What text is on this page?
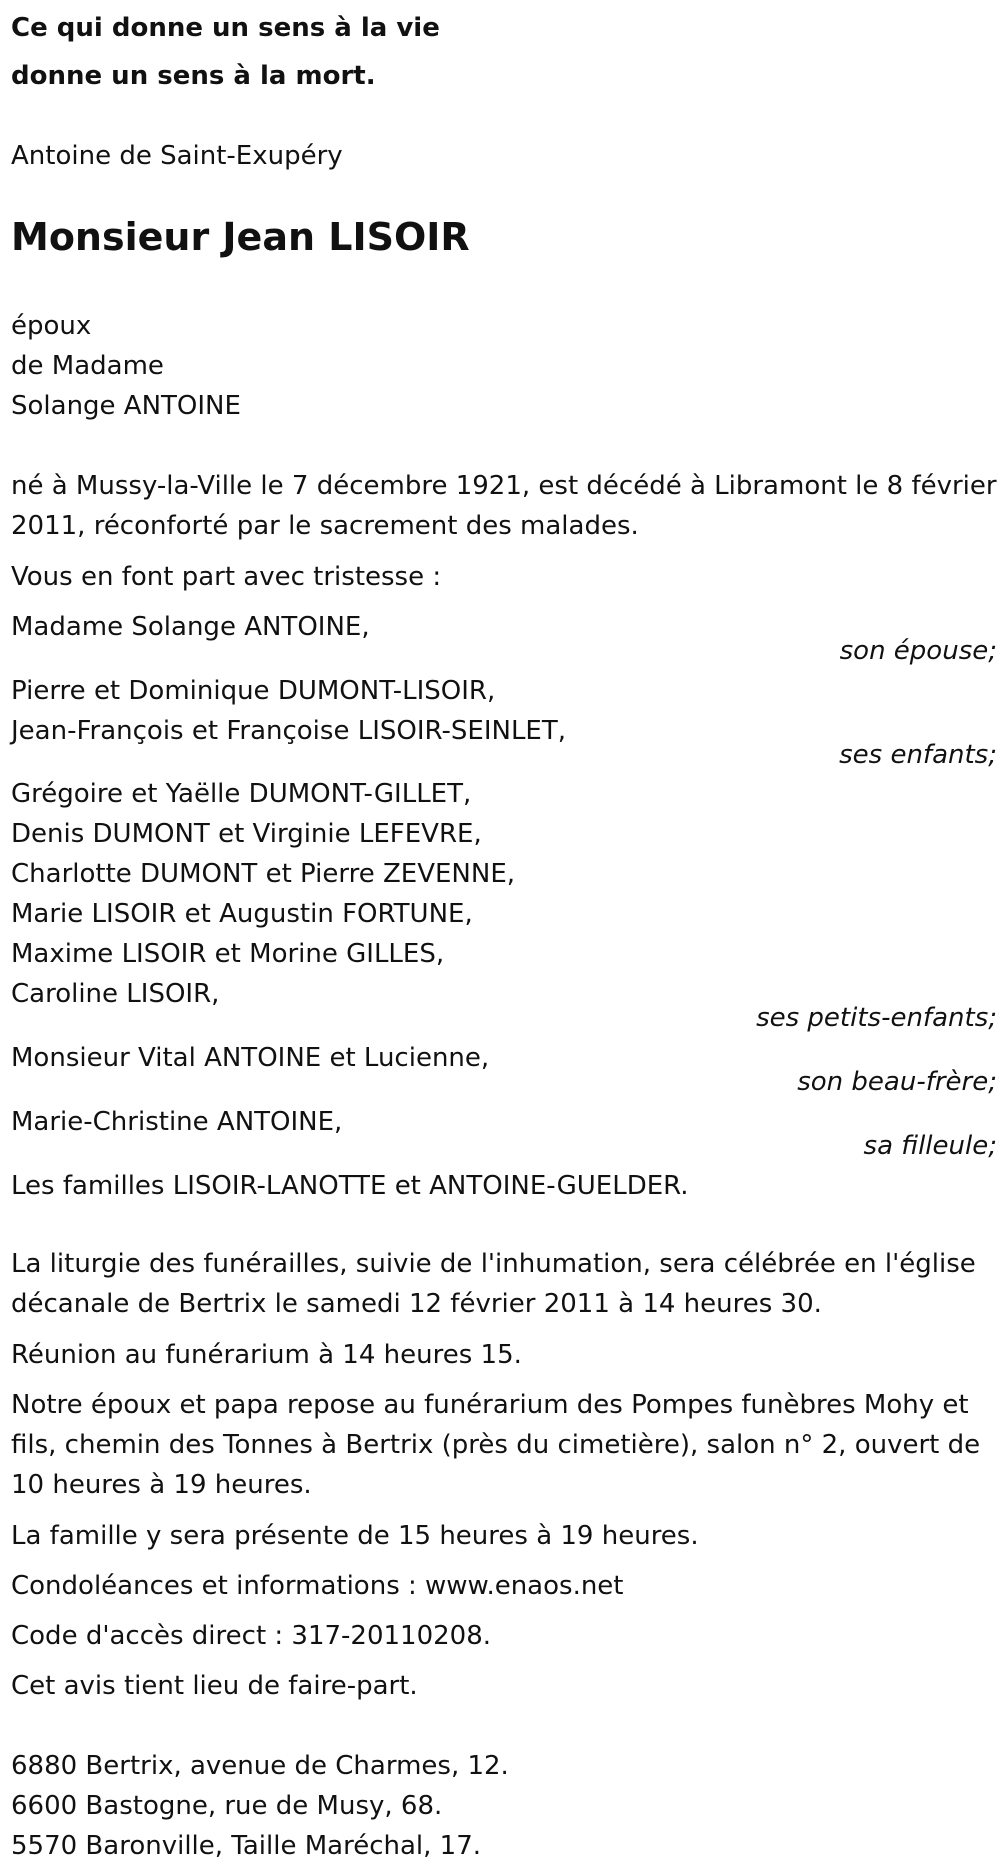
Ce qui donne un sens à la vie
donne un sens à la mort.
Antoine de Saint-Exupéry
Monsieur Jean LISOIR
époux
de Madame
Solange ANTOINE
né à Mussy-la-Ville le 7 décembre 1921, est décédé à Libramont le 8 février 2011, réconforté par le sacrement des malades.
Vous en font part avec tristesse :
Madame Solange ANTOINE,
son épouse;
Pierre et Dominique DUMONT-LISOIR,
Jean-François et Françoise LISOIR-SEINLET,
ses enfants;
Grégoire et Yaëlle DUMONT-GILLET,
Denis DUMONT et Virginie LEFEVRE,
Charlotte DUMONT et Pierre ZEVENNE,
Marie LISOIR et Augustin FORTUNE,
Maxime LISOIR et Morine GILLES,
Caroline LISOIR,
ses petits-enfants;
Monsieur Vital ANTOINE et Lucienne,
son beau-frère;
Marie-Christine ANTOINE,
sa filleule;
Les familles LISOIR-LANOTTE et ANTOINE-GUELDER.
La liturgie des funérailles, suivie de l'inhumation, sera célébrée en l'église décanale de Bertrix le samedi 12 février 2011 à 14 heures 30.
Réunion au funérarium à 14 heures 15.
Notre époux et papa repose au funérarium des Pompes funèbres Mohy et fils, chemin des Tonnes à Bertrix (près du cimetière), salon n° 2, ouvert de 10 heures à 19 heures.
La famille y sera présente de 15 heures à 19 heures.
Condoléances et informations : www.enaos.net
Code d'accès direct : 317-20110208.
Cet avis tient lieu de faire-part.
6880 Bertrix, avenue de Charmes, 12.
6600 Bastogne, rue de Musy, 68.
5570 Baronville, Taille Maréchal, 17.
